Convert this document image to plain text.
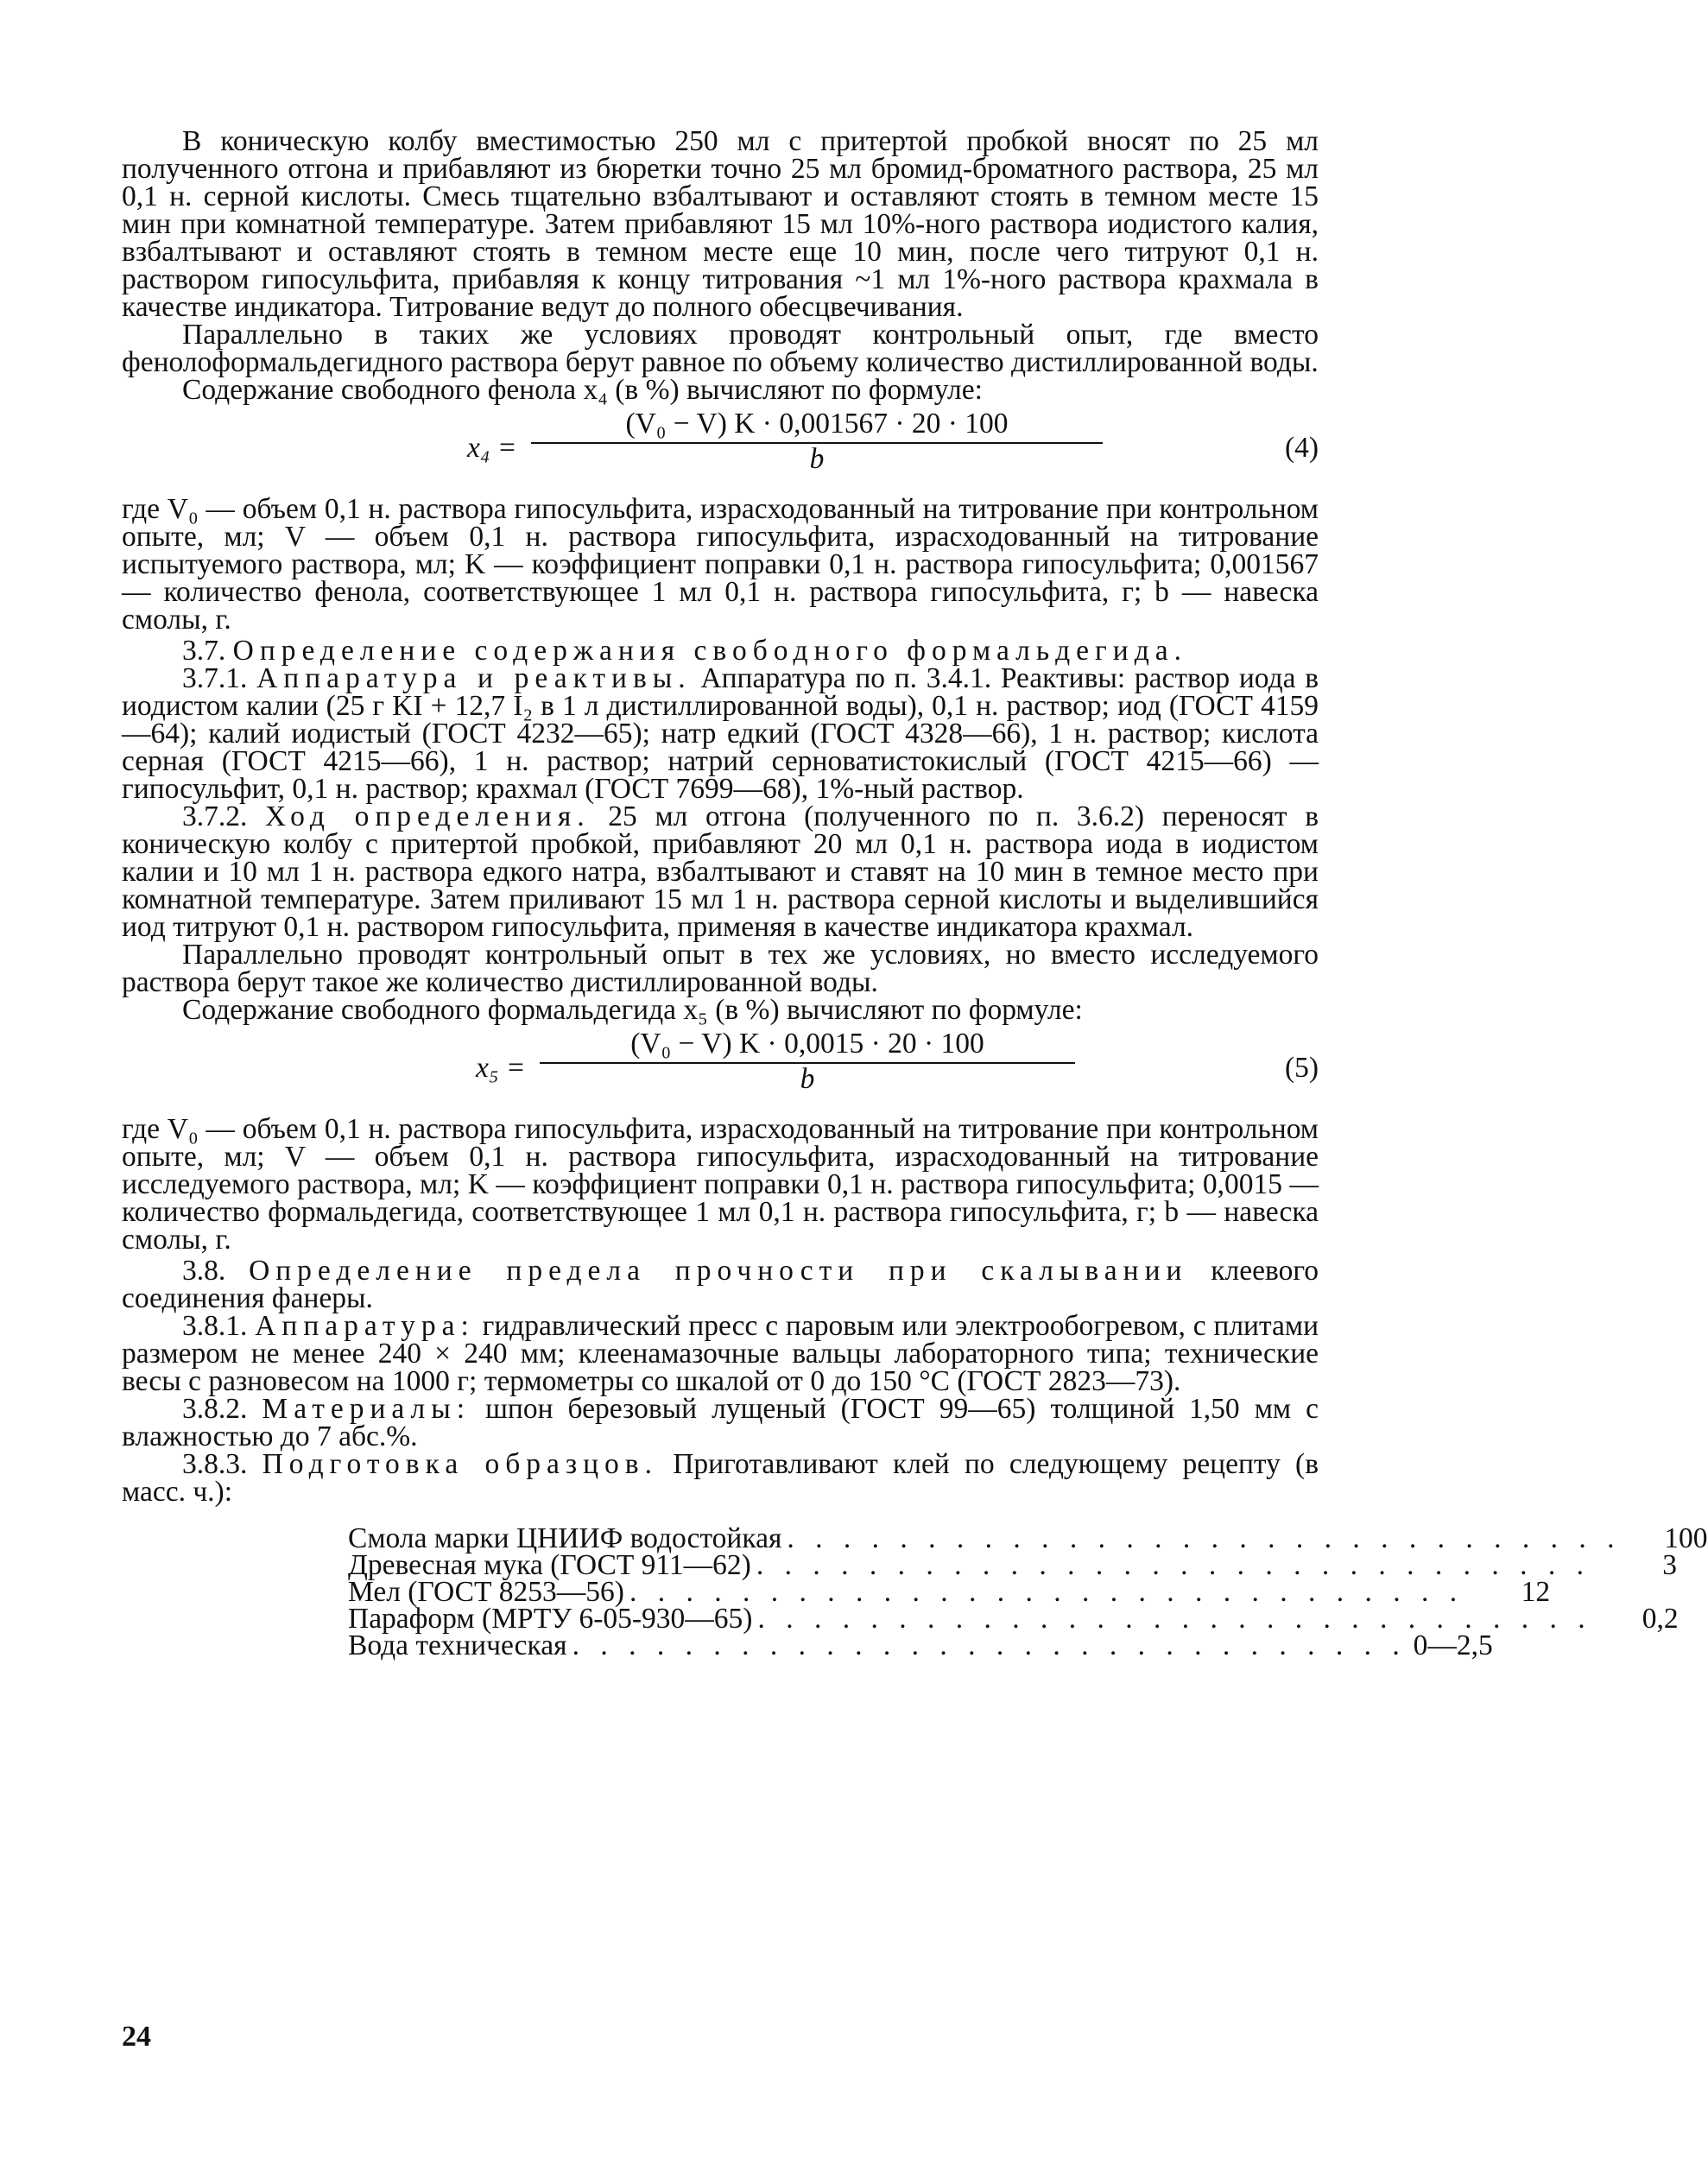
В коническую колбу вместимостью 250 мл с притертой пробкой вносят по 25 мл полученного отгона и прибавляют из бюретки точно 25 мл бромид-броматного раствора, 25 мл 0,1 н. серной кислоты. Смесь тщательно взбалтывают и оставляют стоять в темном месте 15 мин при комнатной температуре. Затем прибавляют 15 мл 10%-ного раствора иодистого калия, взбалтывают и оставляют стоять в темном месте еще 10 мин, после чего титруют 0,1 н. раствором гипосульфита, прибавляя к концу титрования ~1 мл 1%-ного раствора крахмала в качестве индикатора. Титрование ведут до полного обесцвечивания.

Параллельно в таких же условиях проводят контрольный опыт, где вместо фенолоформальдегидного раствора берут равное по объему количество дистиллированной воды.

Содержание свободного фенола x₄ (в %) вычисляют по формуле:

$x_4 = \frac{\text{(V₀ − V) K · 0,001567 · 20 · 100}}{b}$	(4)

где V₀ — объем 0,1 н. раствора гипосульфита, израсходованный на титрование при контрольном опыте, мл; V — объем 0,1 н. раствора гипосульфита, израсходованный на титрование испытуемого раствора, мл; K — коэффициент поправки 0,1 н. раствора гипосульфита; 0,001567 — количество фенола, соответствующее 1 мл 0,1 н. раствора гипосульфита, г; b — навеска смолы, г.

3.7. Определение содержания свободного формальдегида.

3.7.1. Аппаратура и реактивы. Аппаратура по п. 3.4.1. Реактивы: раствор иода в иодистом калии (25 г KI + 12,7 I₂ в 1 л дистиллированной воды), 0,1 н. раствор; иод (ГОСТ 4159—64); калий иодистый (ГОСТ 4232—65); натр едкий (ГОСТ 4328—66), 1 н. раствор; кислота серная (ГОСТ 4215—66), 1 н. раствор; натрий серноватистокислый (ГОСТ 4215—66) — гипосульфит, 0,1 н. раствор; крахмал (ГОСТ 7699—68), 1%-ный раствор.

3.7.2. Ход определения. 25 мл отгона (полученного по п. 3.6.2) переносят в коническую колбу с притертой пробкой, прибавляют 20 мл 0,1 н. раствора иода в иодистом калии и 10 мл 1 н. раствора едкого натра, взбалтывают и ставят на 10 мин в темное место при комнатной температуре. Затем приливают 15 мл 1 н. раствора серной кислоты и выделившийся иод титруют 0,1 н. раствором гипосульфита, применяя в качестве индикатора крахмал.

Параллельно проводят контрольный опыт в тех же условиях, но вместо исследуемого раствора берут такое же количество дистиллированной воды.

Содержание свободного формальдегида x₅ (в %) вычисляют по формуле:

$x_5 = \frac{\text{(V₀ − V) K · 0,0015 · 20 · 100}}{b}$	(5)

где V₀ — объем 0,1 н. раствора гипосульфита, израсходованный на титрование при контрольном опыте, мл; V — объем 0,1 н. раствора гипосульфита, израсходованный на титрование исследуемого раствора, мл; K — коэффициент поправки 0,1 н. раствора гипосульфита; 0,0015 — количество формальдегида, соответствующее 1 мл 0,1 н. раствора гипосульфита, г; b — навеска смолы, г.

3.8. Определение предела прочности при скалывании клеевого соединения фанеры.

3.8.1. Аппаратура: гидравлический пресс с паровым или электрообогревом, с плитами размером не менее 240 × 240 мм; клеенамазочные вальцы лабораторного типа; технические весы с разновесом на 1000 г; термометры со шкалой от 0 до 150 °С (ГОСТ 2823—73).

3.8.2. Материалы: шпон березовый лущеный (ГОСТ 99—65) толщиной 1,50 мм с влажностью до 7 абс.%.

3.8.3. Подготовка образцов. Приготавливают клей по следующему рецепту (в масс. ч.):

Смола марки ЦНИИФ водостойкая . . . . . . . . . . . . . . . . . . . . . . . . . . . . . .	100
Древесная мука (ГОСТ 911—62) . . . . . . . . . . . . . . . . . . . . . . . . . . . . . .	3
Мел (ГОСТ 8253—56) . . . . . . . . . . . . . . . . . . . . . . . . . . . . . .	12
Параформ (МРТУ 6-05-930—65) . . . . . . . . . . . . . . . . . . . . . . . . . . . . . .	0,2
Вода техническая . . . . . . . . . . . . . . . . . . . . . . . . . . . . . . 0—2,5
24
